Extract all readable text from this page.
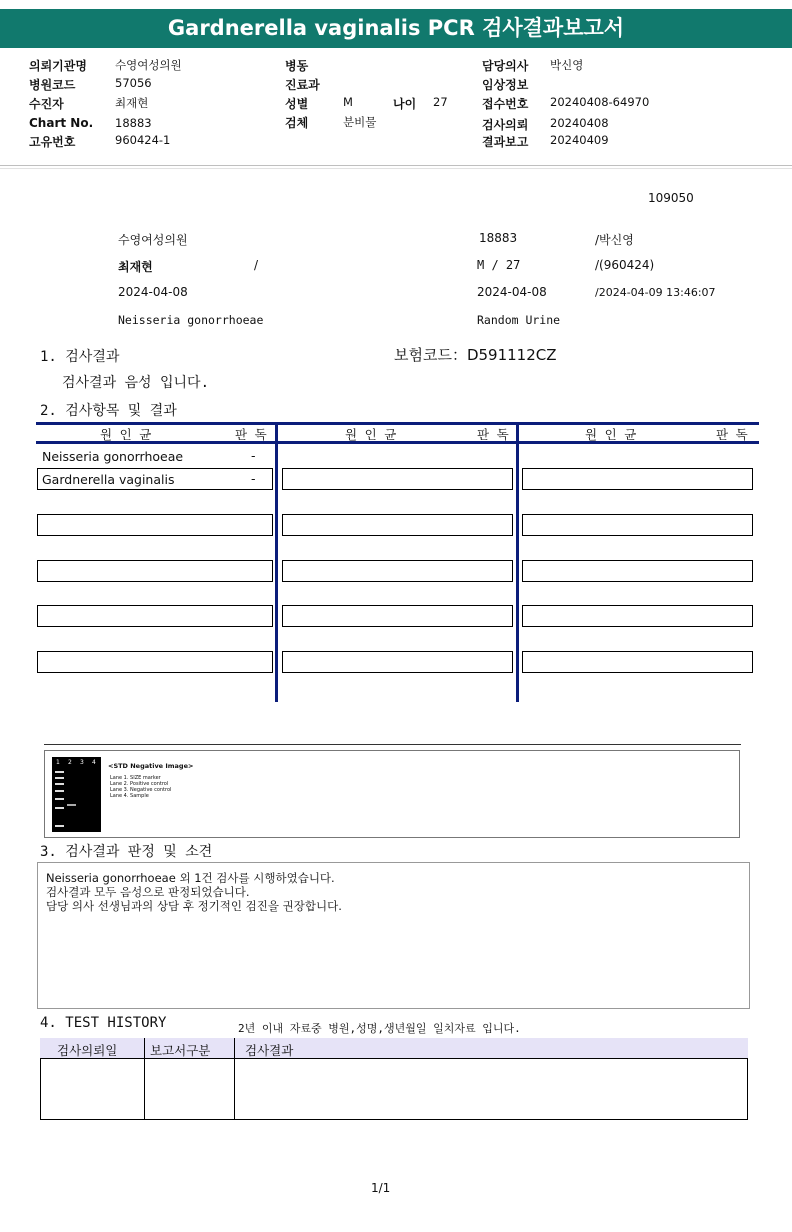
Gardnerella vaginalis PCR 검사결과보고서
의뢰기관명 수영여성의원
병원코드	57056
수진자	최재현
Chart No. 18883
고유번호	960424-1
병동
진료과
성별	M	나이 27
검체	분비물
담당의사 박신영
임상정보
접수번호 20240408-64970
검사의뢰 20240408
결과보고 20240409
109050
수영여성의원	18883	/박신영
최재현	/	M / 27	/(960424)
2024-04-08	2024-04-08	/2024-04-09 13:46:07
Neisseria gonorrhoeae	Random Urine
1. 검사결과	보험코드：D591112CZ
검사결과 음성 입니다.
2. 검사항목 및 결과
원 인 균	판 독	원 인 균	판 독	원 인 균	판 독
Neisseria gonorrhoeae	-
Gardnerella vaginalis	-
1 2 3 4 <STD Negative Image>
Lane 1. SIZE marker
Lane 2. Positive control
Lane 3. Negative control
Lane 4. Sample
3. 검사결과 판정 및 소견
Neisseria gonorrhoeae 외 1건 검사를 시행하였습니다.
검사결과 모두 음성으로 판정되었습니다.
담당 의사 선생님과의 상담 후 정기적인 검진을 권장합니다.
4. TEST HISTORY	2년 이내 자료중 병원,성명,생년월일 일치자료 입니다.
검사의뢰일	보고서구분	검사결과
1/1
